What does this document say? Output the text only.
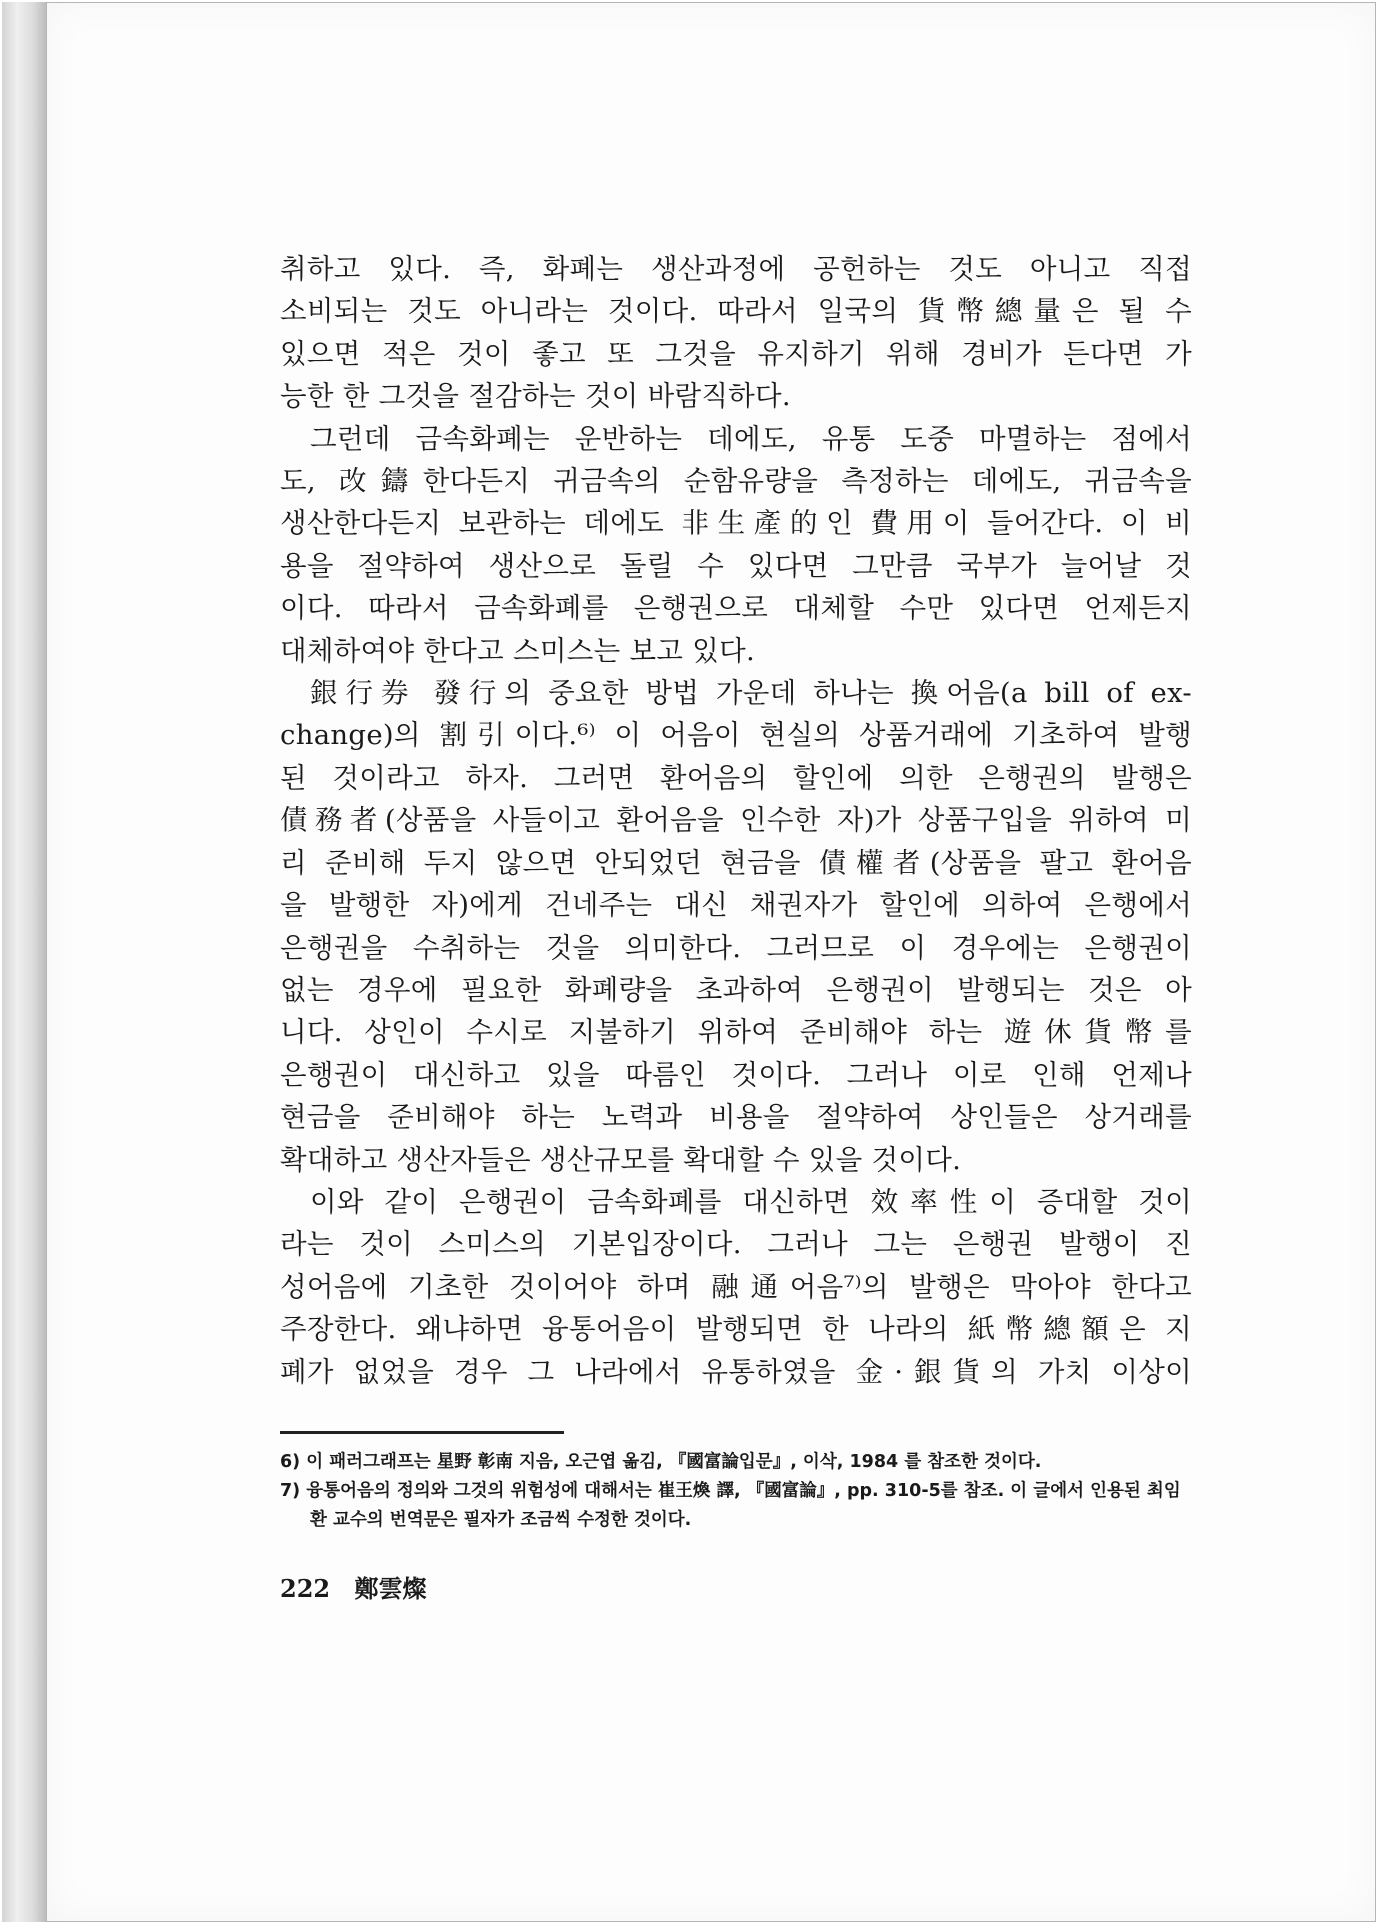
취하고 있다. 즉, 화폐는 생산과정에 공헌하는 것도 아니고 직접
소비되는 것도 아니라는 것이다. 따라서 일국의 貨幣總量은 될 수
있으면 적은 것이 좋고 또 그것을 유지하기 위해 경비가 든다면 가
능한 한 그것을 절감하는 것이 바람직하다.
그런데 금속화폐는 운반하는 데에도, 유통 도중 마멸하는 점에서
도, 改鑄한다든지 귀금속의 순함유량을 측정하는 데에도, 귀금속을
생산한다든지 보관하는 데에도 非生產的인 費用이 들어간다. 이 비
용을 절약하여 생산으로 돌릴 수 있다면 그만큼 국부가 늘어날 것
이다. 따라서 금속화폐를 은행권으로 대체할 수만 있다면 언제든지
대체하여야 한다고 스미스는 보고 있다.
銀行券 發行의 중요한 방법 가운데 하나는 換어음(a bill of ex-
change)의 割引이다.⁶⁾ 이 어음이 현실의 상품거래에 기초하여 발행
된 것이라고 하자. 그러면 환어음의 할인에 의한 은행권의 발행은
債務者(상품을 사들이고 환어음을 인수한 자)가 상품구입을 위하여 미
리 준비해 두지 않으면 안되었던 현금을 債權者(상품을 팔고 환어음
을 발행한 자)에게 건네주는 대신 채권자가 할인에 의하여 은행에서
은행권을 수취하는 것을 의미한다. 그러므로 이 경우에는 은행권이
없는 경우에 필요한 화폐량을 초과하여 은행권이 발행되는 것은 아
니다. 상인이 수시로 지불하기 위하여 준비해야 하는 遊休貨幣를
은행권이 대신하고 있을 따름인 것이다. 그러나 이로 인해 언제나
현금을 준비해야 하는 노력과 비용을 절약하여 상인들은 상거래를
확대하고 생산자들은 생산규모를 확대할 수 있을 것이다.
이와 같이 은행권이 금속화폐를 대신하면 效率性이 증대할 것이
라는 것이 스미스의 기본입장이다. 그러나 그는 은행권 발행이 진
성어음에 기초한 것이어야 하며 融通어음⁷⁾의 발행은 막아야 한다고
주장한다. 왜냐하면 융통어음이 발행되면 한 나라의 紙幣總額은 지
폐가 없었을 경우 그 나라에서 유통하였을 金·銀貨의 가치 이상이

6) 이 패러그래프는 星野 彰南 지음, 오근엽 옮김, 『國富論입문』, 이삭, 1984 를 참조한 것이다.

7) 융통어음의 정의와 그것의 위험성에 대해서는 崔王煥 譯, 『國富論』, pp. 310-5를 참조. 이 글에서 인용된 최임환 교수의 번역문은 필자가 조금씩 수정한 것이다.

222 鄭雲燦
